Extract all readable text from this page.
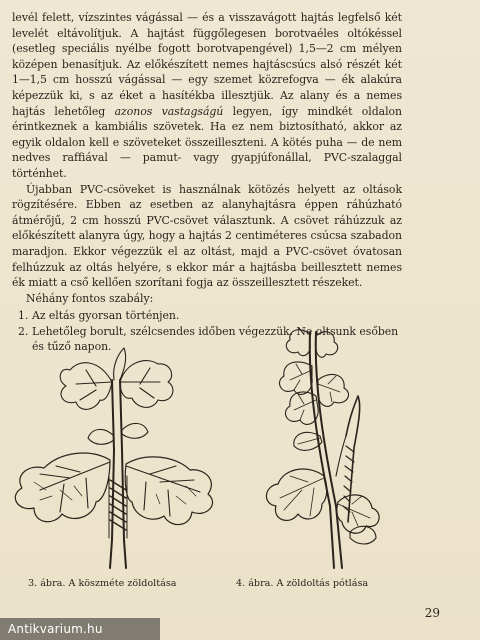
levél felett, vízszintes vágással — és a visszavágott hajtás legfelső két levelét eltávolítjuk. A hajtást függőlegesen borotvaéles oltókéssel (esetleg speciális nyélbe fogott borotvapengével) 1,5—2 cm mélyen középen benasítjuk. Az előkészített nemes hajtáscsúcs alsó részét két 1—1,5 cm hosszú vágással — egy szemet közrefogva — ék alakúra képezzük ki, s az éket a hasítékba illesztjük. Az alany és a nemes hajtás lehetőleg azonos vastagságú legyen, így mindkét oldalon érintkeznek a kambiális szövetek. Ha ez nem biztosítható, akkor az egyik oldalon kell e szöveteket összeilleszteni. A kötés puha — de nem nedves raffiával — pamut- vagy gyapjúfonállal, PVC-szalaggal történhet.

Újabban PVC-csöveket is használnak kötözés helyett az oltások rögzítésére. Ebben az esetben az alanyhajtásra éppen ráhúzható átmérőjű, 2 cm hosszú PVC-csövet választunk. A csövet ráhúzzuk az előkészített alanyra úgy, hogy a hajtás 2 centiméteres csúcsa szabadon maradjon. Ekkor végezzük el az oltást, majd a PVC-csövet óvatosan felhúzzuk az oltás helyére, s ekkor már a hajtásba beillesztett nemes ék miatt a cső kellően szorítani fogja az összeillesztett részeket.

Néhány fontos szabály:

1. Az eltás gyorsan történjen.
2. Lehetőleg borult, szélcsendes időben végezzük. Ne oltsunk esőben és tűző napon.
3. ábra. A köszméte zöldoltása	4. ábra. A zöldoltás pótlása
29
Antikvarium.hu
